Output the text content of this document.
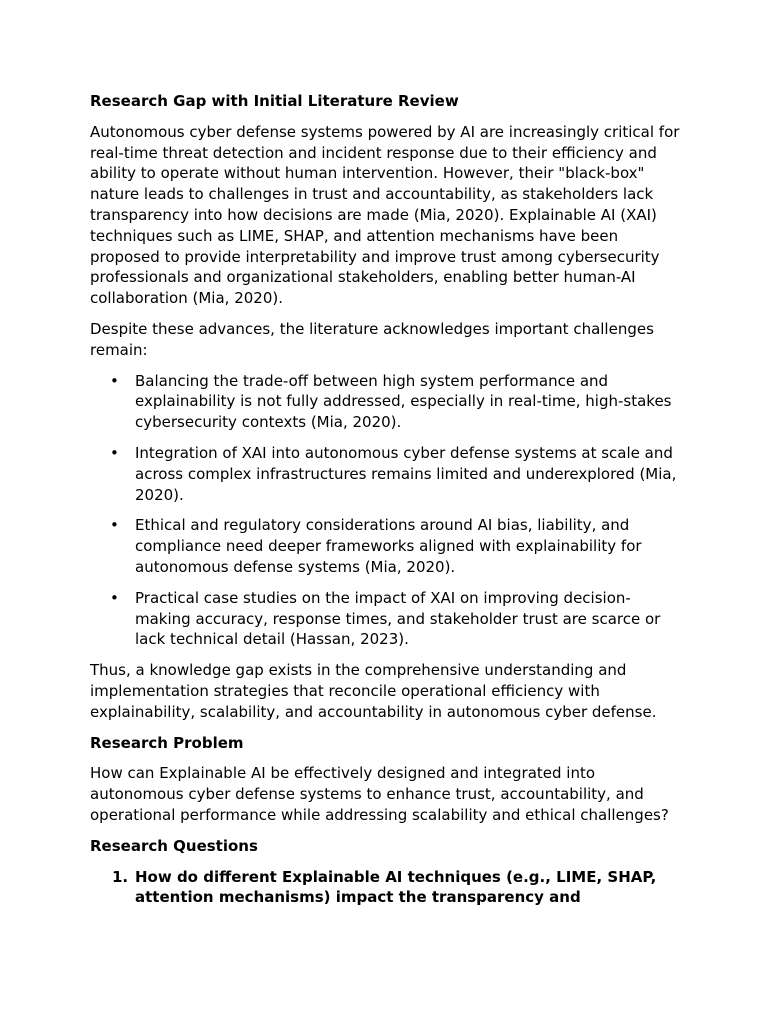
Research Gap with Initial Literature Review

Autonomous cyber defense systems powered by AI are increasingly critical for real-time threat detection and incident response due to their efficiency and ability to operate without human intervention. However, their "black-box" nature leads to challenges in trust and accountability, as stakeholders lack transparency into how decisions are made (Mia, 2020). Explainable AI (XAI) techniques such as LIME, SHAP, and attention mechanisms have been proposed to provide interpretability and improve trust among cybersecurity professionals and organizational stakeholders, enabling better human-AI collaboration (Mia, 2020).

Despite these advances, the literature acknowledges important challenges remain:

• Balancing the trade-off between high system performance and explainability is not fully addressed, especially in real-time, high-stakes cybersecurity contexts (Mia, 2020).
• Integration of XAI into autonomous cyber defense systems at scale and across complex infrastructures remains limited and underexplored (Mia, 2020).
• Ethical and regulatory considerations around AI bias, liability, and compliance need deeper frameworks aligned with explainability for autonomous defense systems (Mia, 2020).
• Practical case studies on the impact of XAI on improving decision-making accuracy, response times, and stakeholder trust are scarce or lack technical detail (Hassan, 2023).

Thus, a knowledge gap exists in the comprehensive understanding and implementation strategies that reconcile operational efficiency with explainability, scalability, and accountability in autonomous cyber defense.

Research Problem

How can Explainable AI be effectively designed and integrated into autonomous cyber defense systems to enhance trust, accountability, and operational performance while addressing scalability and ethical challenges?

Research Questions
1. How do different Explainable AI techniques (e.g., LIME, SHAP, attention mechanisms) impact the transparency and
